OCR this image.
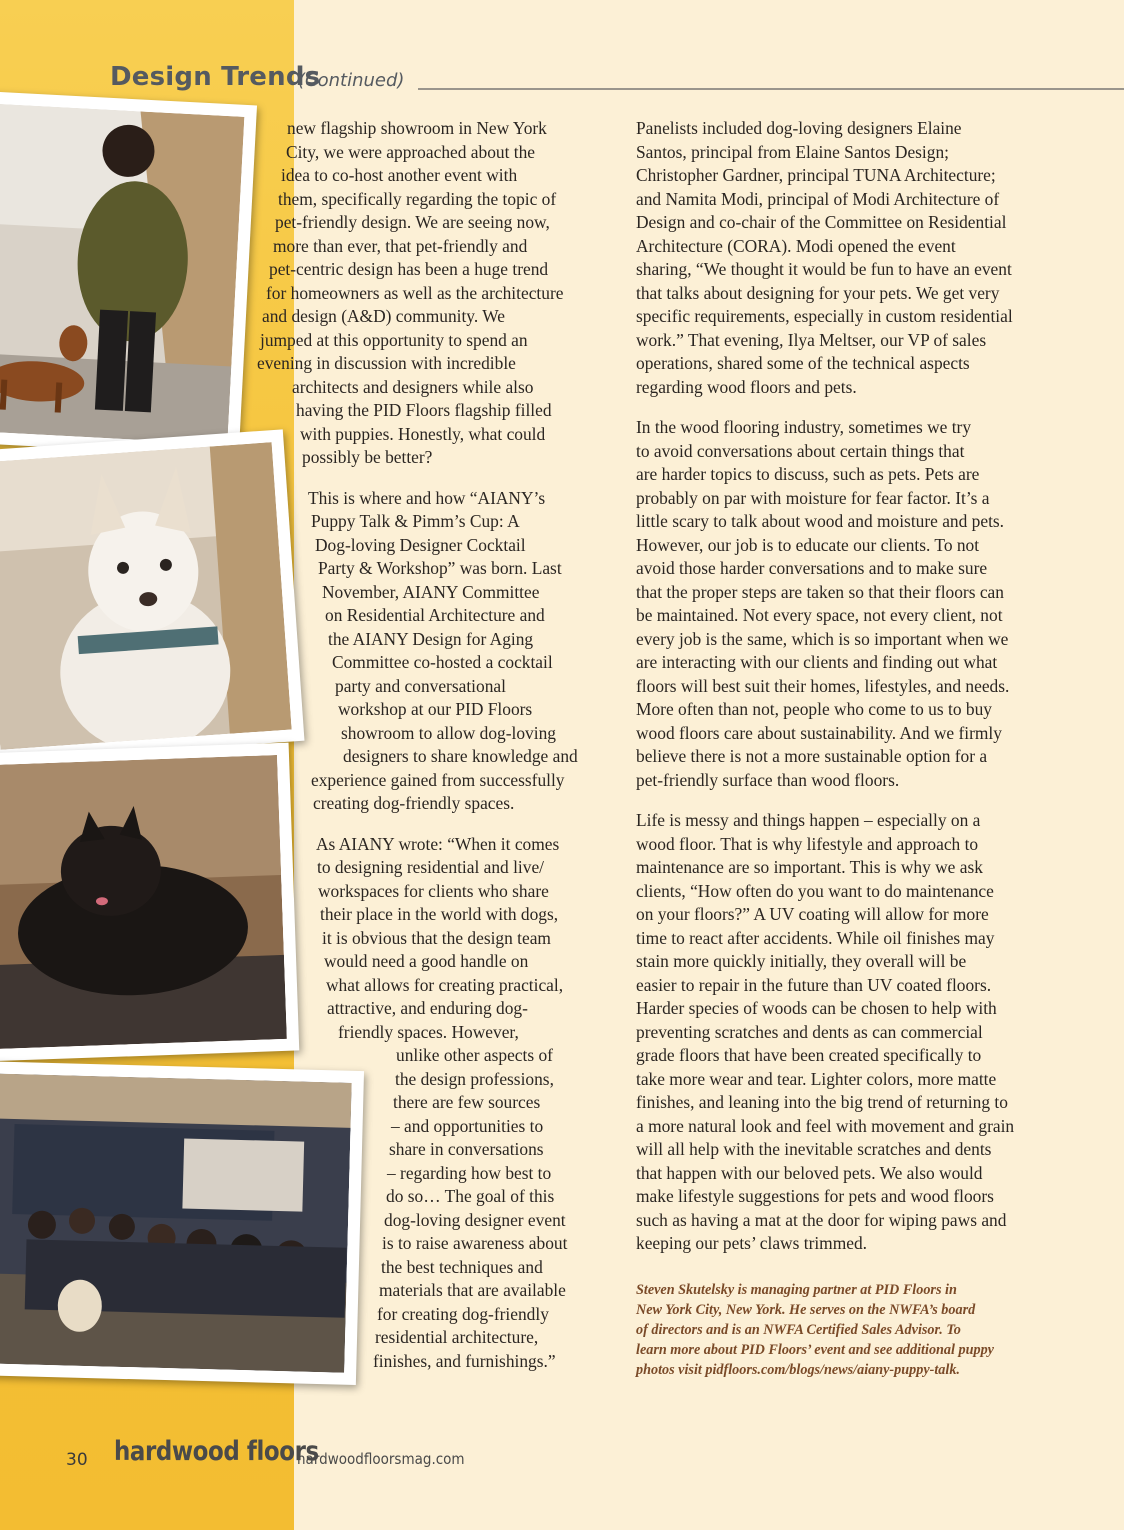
Design Trends
(Continued)

new flagship showroom in New York
City, we were approached about the
idea to co-host another event with
them, specifically regarding the topic of
pet-friendly design. We are seeing now,
more than ever, that pet-friendly and
pet-centric design has been a huge trend
for homeowners as well as the architecture
and design (A&D) community. We
jumped at this opportunity to spend an
evening in discussion with incredible
architects and designers while also
having the PID Floors flagship filled
with puppies. Honestly, what could
possibly be better?

This is where and how “AIANY’s
Puppy Talk & Pimm’s Cup: A
Dog-loving Designer Cocktail
Party & Workshop” was born. Last
November, AIANY Committee
on Residential Architecture and
the AIANY Design for Aging
Committee co-hosted a cocktail
party and conversational
workshop at our PID Floors
showroom to allow dog-loving
designers to share knowledge and
experience gained from successfully
creating dog-friendly spaces.

As AIANY wrote: “When it comes
to designing residential and live/
workspaces for clients who share
their place in the world with dogs,
it is obvious that the design team
would need a good handle on
what allows for creating practical,
attractive, and enduring dog-
friendly spaces. However,
unlike other aspects of
the design professions,
there are few sources
– and opportunities to
share in conversations
– regarding how best to
do so… The goal of this
dog-loving designer event
is to raise awareness about
the best techniques and
materials that are available
for creating dog-friendly
residential architecture,
finishes, and furnishings.”

Panelists included dog-loving designers Elaine
Santos, principal from Elaine Santos Design;
Christopher Gardner, principal TUNA Architecture;
and Namita Modi, principal of Modi Architecture of
Design and co-chair of the Committee on Residential
Architecture (CORA). Modi opened the event
sharing, “We thought it would be fun to have an event
that talks about designing for your pets. We get very
specific requirements, especially in custom residential
work.” That evening, Ilya Meltser, our VP of sales
operations, shared some of the technical aspects
regarding wood floors and pets.

In the wood flooring industry, sometimes we try
to avoid conversations about certain things that
are harder topics to discuss, such as pets. Pets are
probably on par with moisture for fear factor. It’s a
little scary to talk about wood and moisture and pets.
However, our job is to educate our clients. To not
avoid those harder conversations and to make sure
that the proper steps are taken so that their floors can
be maintained. Not every space, not every client, not
every job is the same, which is so important when we
are interacting with our clients and finding out what
floors will best suit their homes, lifestyles, and needs.
More often than not, people who come to us to buy
wood floors care about sustainability. And we firmly
believe there is not a more sustainable option for a
pet-friendly surface than wood floors.

Life is messy and things happen – especially on a
wood floor. That is why lifestyle and approach to
maintenance are so important. This is why we ask
clients, “How often do you want to do maintenance
on your floors?” A UV coating will allow for more
time to react after accidents. While oil finishes may
stain more quickly initially, they overall will be
easier to repair in the future than UV coated floors.
Harder species of woods can be chosen to help with
preventing scratches and dents as can commercial
grade floors that have been created specifically to
take more wear and tear. Lighter colors, more matte
finishes, and leaning into the big trend of returning to
a more natural look and feel with movement and grain
will all help with the inevitable scratches and dents
that happen with our beloved pets. We also would
make lifestyle suggestions for pets and wood floors
such as having a mat at the door for wiping paws and
keeping our pets’ claws trimmed.

Steven Skutelsky is managing partner at PID Floors in
New York City, New York. He serves on the NWFA’s board
of directors and is an NWFA Certified Sales Advisor. To
learn more about PID Floors’ event and see additional puppy
photos visit pidfloors.com/blogs/news/aiany-puppy-talk.
30 hardwood floors
hardwoodfloorsmag.com
